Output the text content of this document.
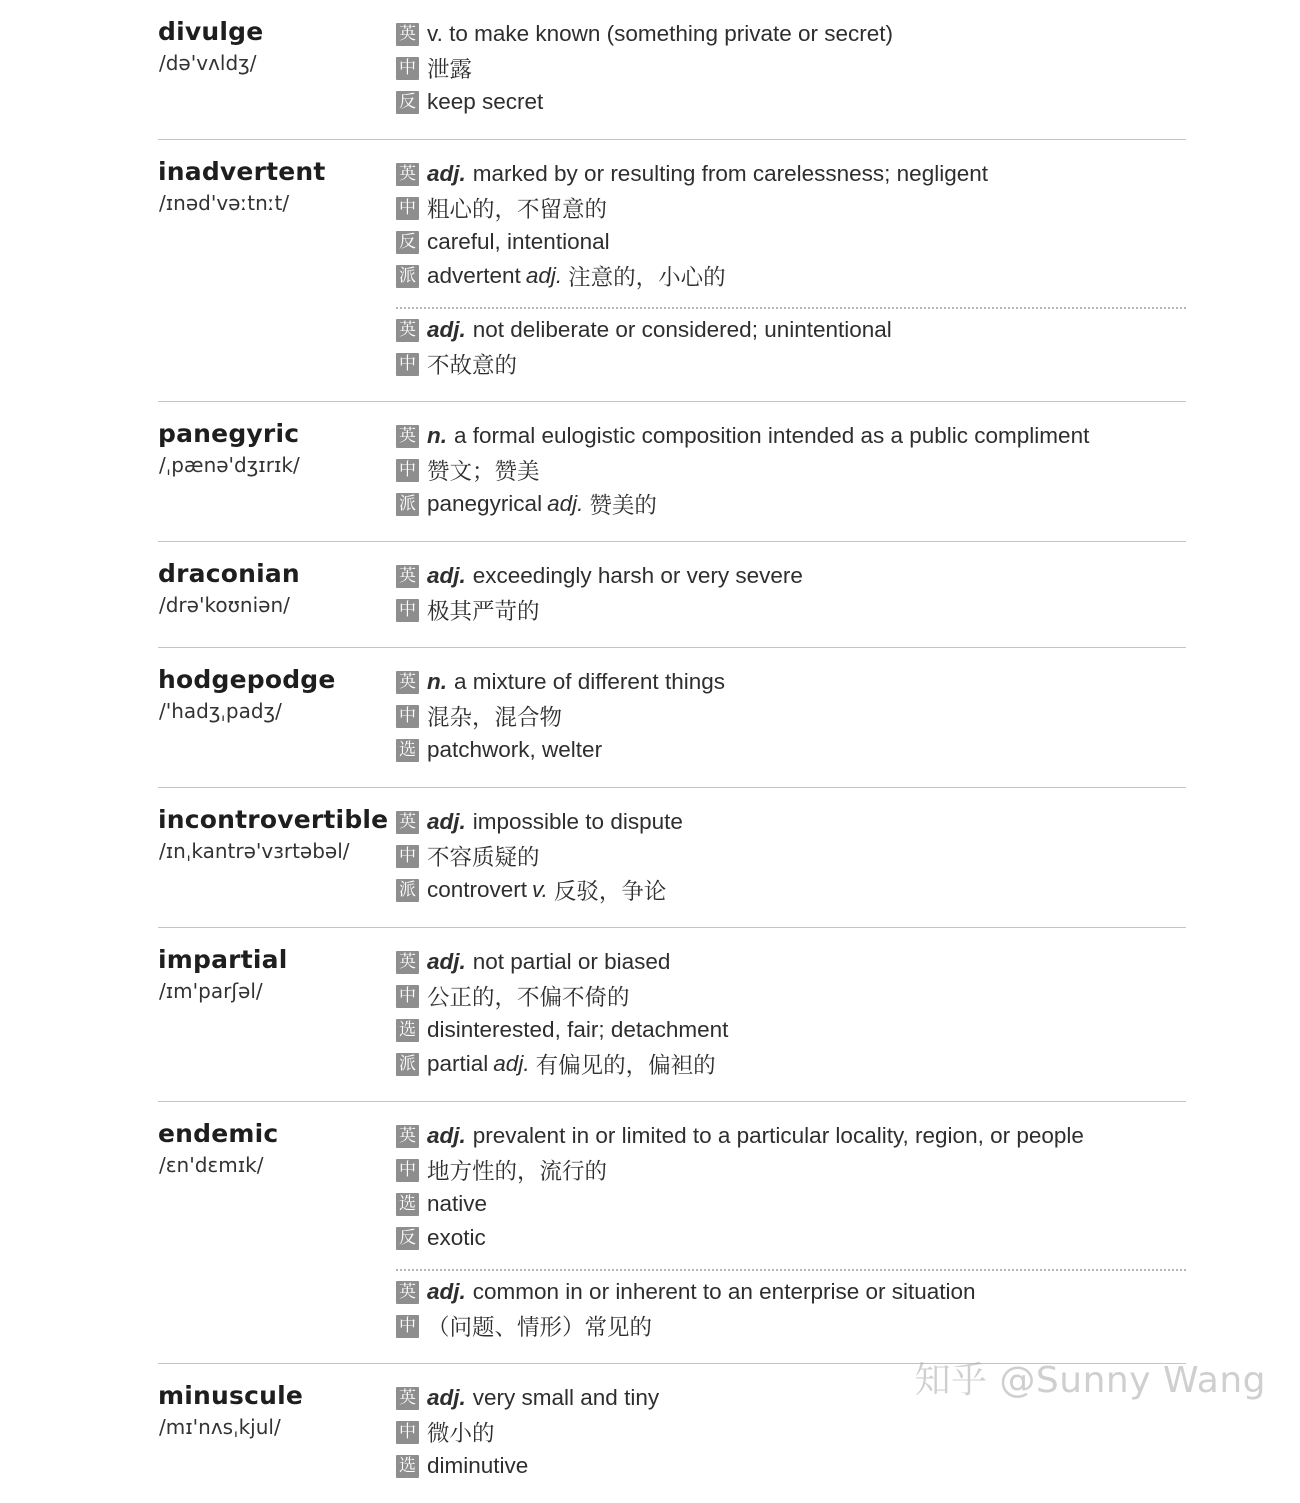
divulge
/də'vʌldʒ/
英 v. to make known (something private or secret)
中 泄露
反 keep secret
inadvertent
/ɪnəd'vəːtnːt/
英 adj. marked by or resulting from carelessness; negligent
中 粗心的，不留意的
反 careful, intentional
派 advertent adj. 注意的，小心的
英 adj. not deliberate or considered; unintentional
中 不故意的
panegyric
/ˌpænə'dʒɪrɪk/
英 n. a formal eulogistic composition intended as a public compliment
中 赞文；赞美
派 panegyrical adj. 赞美的
draconian
/drə'koʊniən/
英 adj. exceedingly harsh or very severe
中 极其严苛的
hodgepodge
/'hadʒˌpadʒ/
英 n. a mixture of different things
中 混杂，混合物
选 patchwork, welter
incontrovertible
/ɪnˌkantrə'vɜrtəbəl/
英 adj. impossible to dispute
中 不容质疑的
派 controvert v. 反驳，争论
impartial
/ɪm'parʃəl/
英 adj. not partial or biased
中 公正的，不偏不倚的
选 disinterested, fair; detachment
派 partial adj. 有偏见的，偏袒的
endemic
/ɛn'dɛmɪk/
英 adj. prevalent in or limited to a particular locality, region, or people
中 地方性的，流行的
选 native
反 exotic
英 adj. common in or inherent to an enterprise or situation
中 （问题、情形）常见的
minuscule
/mɪ'nʌsˌkjul/
英 adj. very small and tiny
中 微小的
选 diminutive
知乎 @Sunny Wang
